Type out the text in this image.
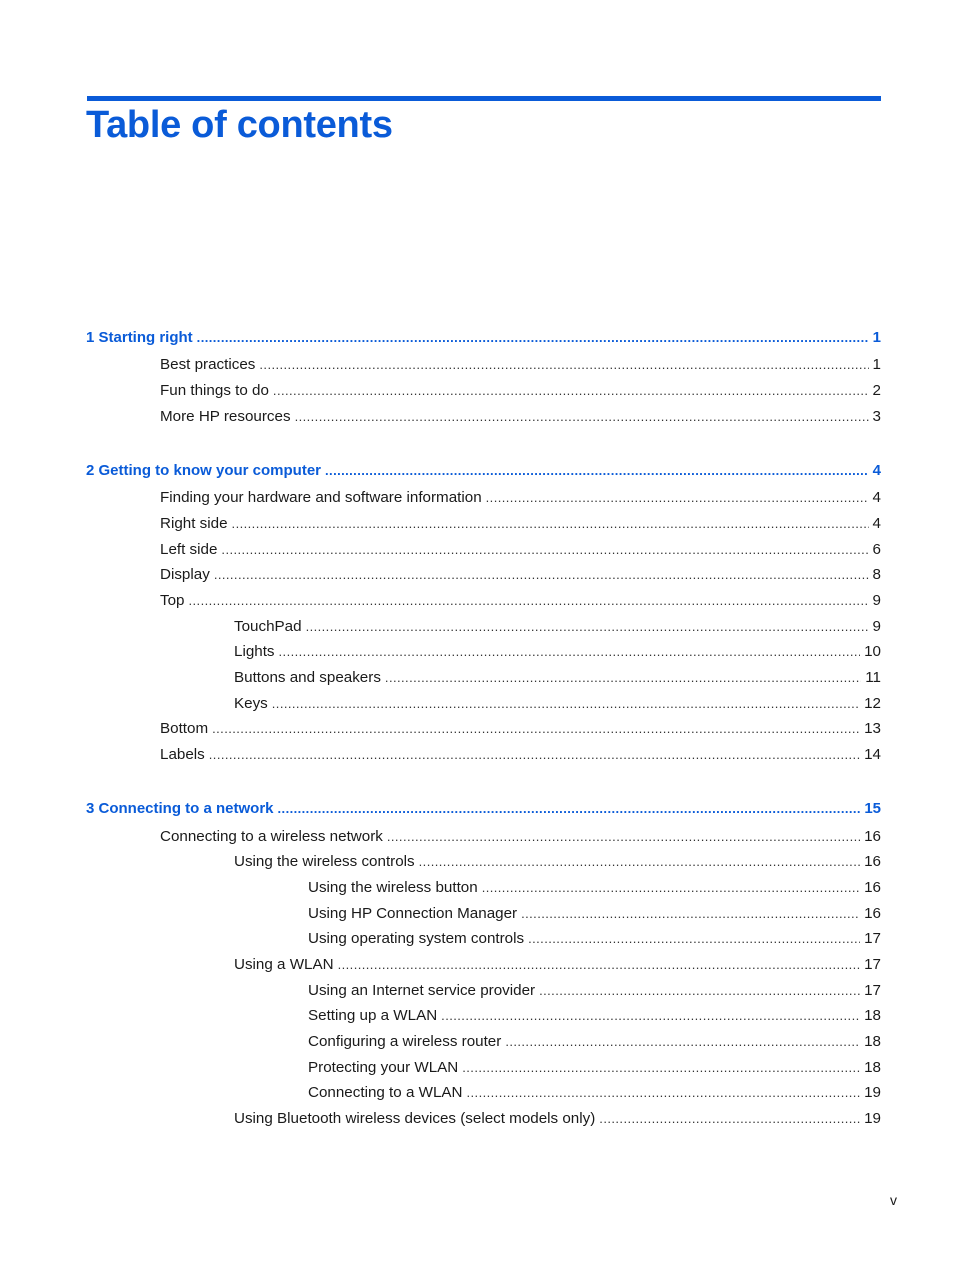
Table of contents
1 Starting right . . .	1
Best practices . . .	1
Fun things to do . . .	2
More HP resources . . .	3
2 Getting to know your computer . . .	4
Finding your hardware and software information . . .	4
Right side . . .	4
Left side . . .	6
Display . . .	8
Top . . .	9
TouchPad . . .	9
Lights . . .	10
Buttons and speakers . . .	11
Keys . . .	12
Bottom . . .	13
Labels . . .	14
3 Connecting to a network . . .	15
Connecting to a wireless network . . .	16
Using the wireless controls . . .	16
Using the wireless button . . .	16
Using HP Connection Manager . . .	16
Using operating system controls . . .	17
Using a WLAN . . .	17
Using an Internet service provider . . .	17
Setting up a WLAN . . .	18
Configuring a wireless router . . .	18
Protecting your WLAN . . .	18
Connecting to a WLAN . . .	19
Using Bluetooth wireless devices (select models only) . . .	19
v
